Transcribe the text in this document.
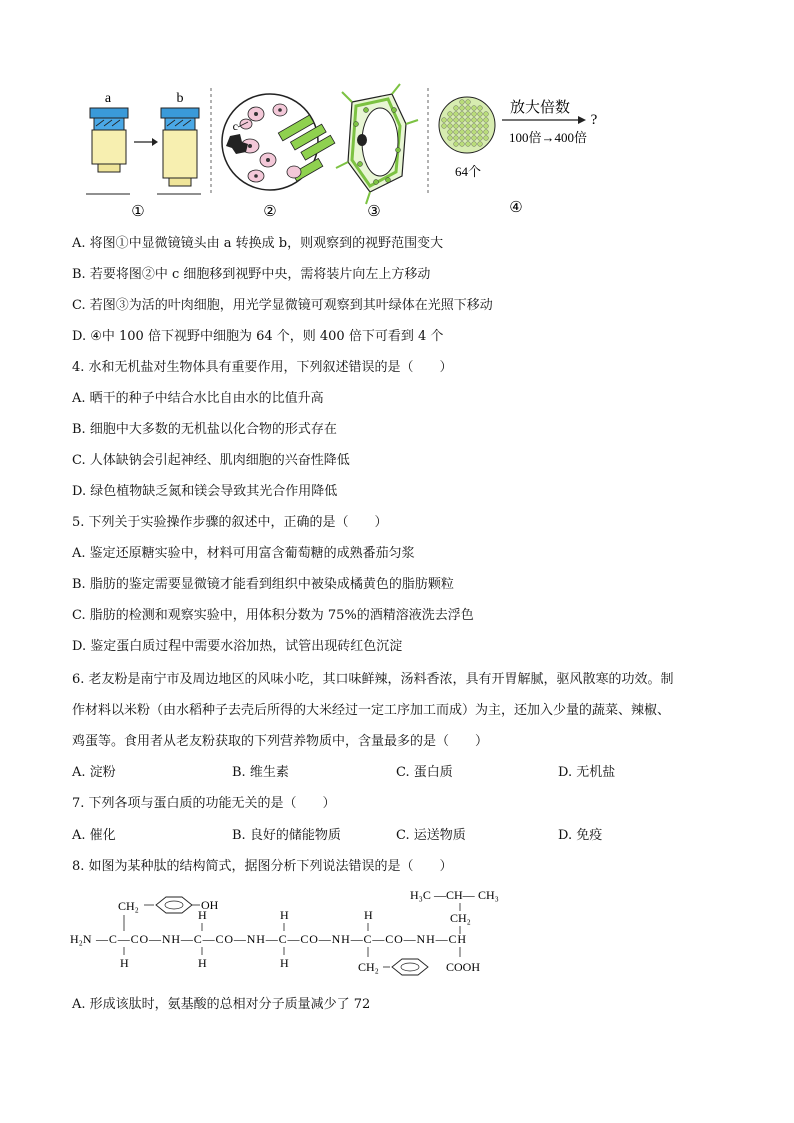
a	b
①
c
②	③
64个
放大倍数
?
100倍→400倍
④
A. 将图①中显微镜镜头由 a 转换成 b，则观察到的视野范围变大
B. 若要将图②中 c 细胞移到视野中央，需将装片向左上方移动
C. 若图③为活的叶肉细胞，用光学显微镜可观察到其叶绿体在光照下移动
D. ④中 100 倍下视野中细胞为 64 个，则 400 倍下可看到 4 个
4. 水和无机盐对生物体具有重要作用，下列叙述错误的是（　　）
A. 晒干的种子中结合水比自由水的比值升高
B. 细胞中大多数的无机盐以化合物的形式存在
C. 人体缺钠会引起神经、肌肉细胞的兴奋性降低
D. 绿色植物缺乏氮和镁会导致其光合作用降低
5. 下列关于实验操作步骤的叙述中，正确的是（　　）
A. 鉴定还原糖实验中，材料可用富含葡萄糖的成熟番茄匀浆
B. 脂肪的鉴定需要显微镜才能看到组织中被染成橘黄色的脂肪颗粒
C. 脂肪的检测和观察实验中，用体积分数为 75%的酒精溶液洗去浮色
D. 鉴定蛋白质过程中需要水浴加热，试管出现砖红色沉淀
6. 老友粉是南宁市及周边地区的风味小吃，其口味鲜辣，汤料香浓，具有开胃解腻，驱风散寒的功效。制
作材料以米粉（由水稻种子去壳后所得的大米经过一定工序加工而成）为主，还加入少量的蔬菜、辣椒、
鸡蛋等。食用者从老友粉获取的下列营养物质中，含量最多的是（　　）
A. 淀粉	B. 维生素	C. 蛋白质	D. 无机盐
7. 下列各项与蛋白质的功能无关的是（　　）
A. 催化	B. 良好的储能物质	C. 运送物质	D. 免疫
8. 如图为某种肽的结构简式，据图分析下列说法错误的是（　　）
H₃C —CH— CH₃
CH₂
CH₂	OH
H	H	H
H₂N —C—CO—NH—C—CO—NH—C—CO—NH—C—CO—NH—CH
H	H	H	CH₂	COOH
A. 形成该肽时，氨基酸的总相对分子质量减少了 72
